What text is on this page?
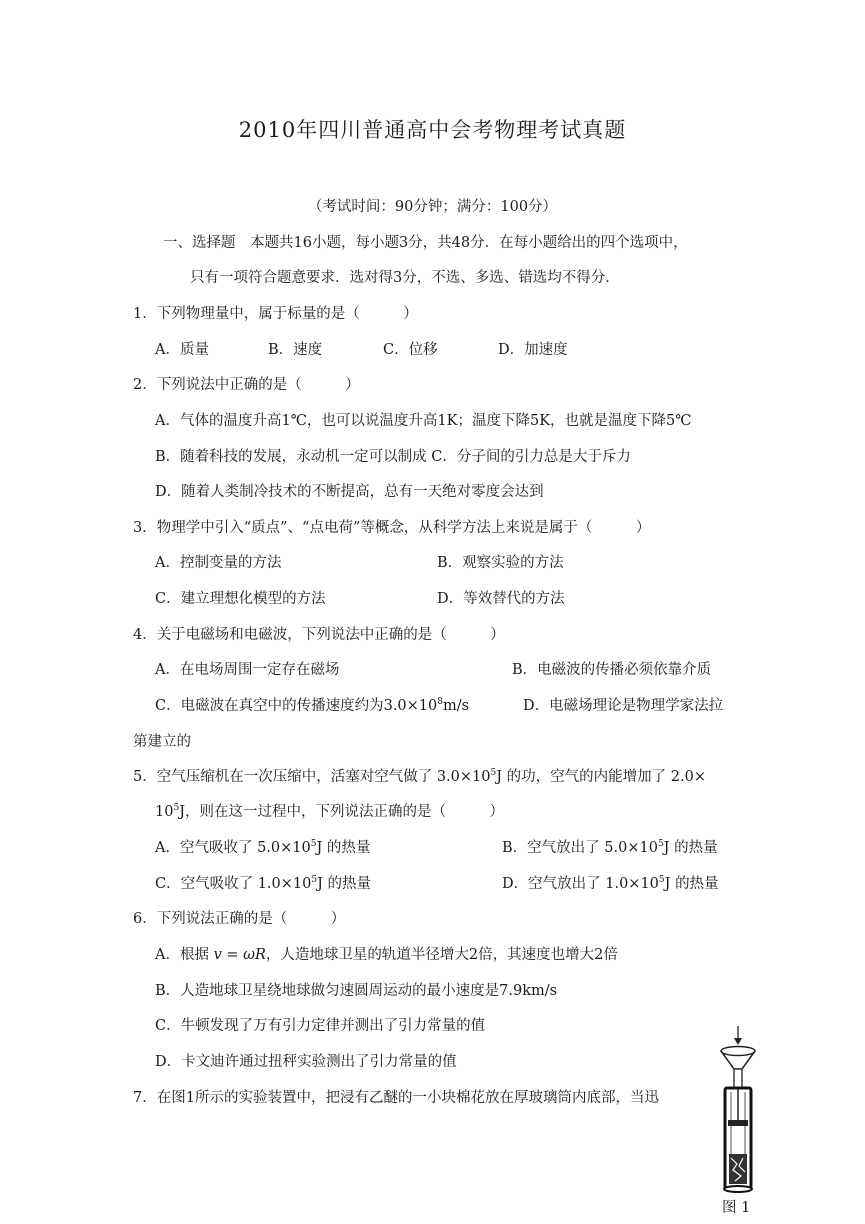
2010年四川普通高中会考物理考试真题
（考试时间：90分钟；满分：100分）
一、选择题　本题共16小题，每小题3分，共48分．在每小题给出的四个选项中，
只有一项符合题意要求．选对得3分，不选、多选、错选均不得分．
1．下列物理量中，属于标量的是（　　　）
A．质量	B．速度	C．位移	D．加速度
2．下列说法中正确的是（　　　）
A．气体的温度升高1℃，也可以说温度升高1K；温度下降5K，也就是温度下降5℃
B．随着科技的发展，永动机一定可以制成 C．分子间的引力总是大于斥力
D．随着人类制冷技术的不断提高，总有一天绝对零度会达到
3．物理学中引入“质点”、“点电荷”等概念，从科学方法上来说是属于（　　　）
A．控制变量的方法	B．观察实验的方法
C．建立理想化模型的方法	D．等效替代的方法
4．关于电磁场和电磁波，下列说法中正确的是（　　　）
A．在电场周围一定存在磁场	B．电磁波的传播必须依靠介质
C．电磁波在真空中的传播速度约为$3.0\times 10^8m/s$	D．电磁场理论是物理学家法拉
第建立的
5．空气压缩机在一次压缩中，活塞对空气做了 $3.0\times 10^5J$ 的功，空气的内能增加了 2.0×
$10^5J$，则在这一过程中，下列说法正确的是（　　　）
A．空气吸收了 $5.0\times 10^5J$ 的热量	B．空气放出了 $5.0\times 10^5J$ 的热量
C．空气吸收了 $1.0\times 10^5J$ 的热量	D．空气放出了 $1.0\times 10^5J$ 的热量
6．下列说法正确的是（　　　）
A．根据 v = ωR，人造地球卫星的轨道半径增大2倍，其速度也增大2倍
B．人造地球卫星绕地球做匀速圆周运动的最小速度是7.9km/s
C．牛顿发现了万有引力定律并测出了引力常量的值
D．卡文迪许通过扭秤实验测出了引力常量的值
7．在图1所示的实验装置中，把浸有乙醚的一小块棉花放在厚玻璃筒内底部，当迅
图 1
